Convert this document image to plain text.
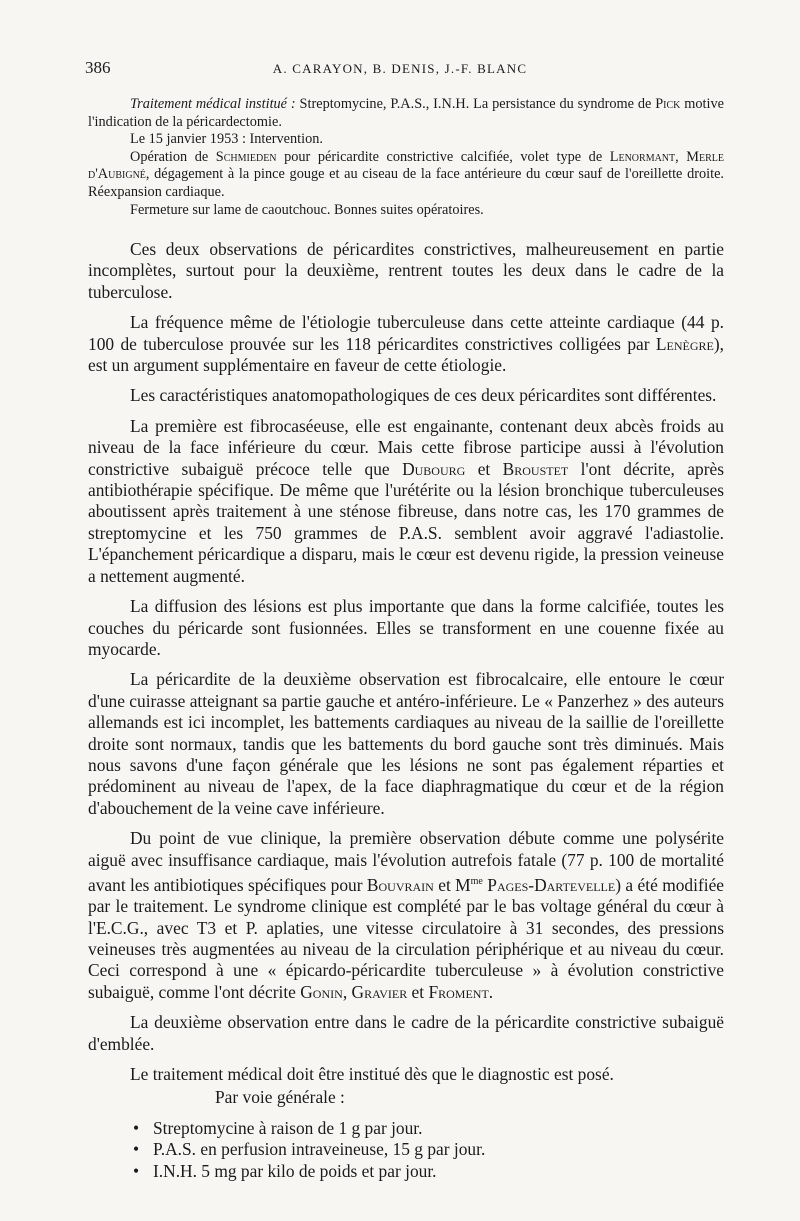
386	A. CARAYON, B. DENIS, J.-F. BLANC

Traitement médical institué : Streptomycine, P.A.S., I.N.H. La persistance du syndrome de Pick motive l'indication de la péricardectomie.

Le 15 janvier 1953 : Intervention.

Opération de Schmieden pour péricardite constrictive calcifiée, volet type de Lenormant, Merle d'Aubigné, dégagement à la pince gouge et au ciseau de la face antérieure du cœur sauf de l'oreillette droite. Réexpansion cardiaque.

Fermeture sur lame de caoutchouc. Bonnes suites opératoires.

Ces deux observations de péricardites constrictives, malheureusement en partie incomplètes, surtout pour la deuxième, rentrent toutes les deux dans le cadre de la tuberculose.

La fréquence même de l'étiologie tuberculeuse dans cette atteinte cardiaque (44 p. 100 de tuberculose prouvée sur les 118 péricardites constrictives colligées par Lenègre), est un argument supplémentaire en faveur de cette étiologie.

Les caractéristiques anatomopathologiques de ces deux péricardites sont différentes.

La première est fibrocaséeuse, elle est engainante, contenant deux abcès froids au niveau de la face inférieure du cœur. Mais cette fibrose participe aussi à l'évolution constrictive subaiguë précoce telle que Dubourg et Broustet l'ont décrite, après antibiothérapie spécifique. De même que l'urétérite ou la lésion bronchique tuberculeuses aboutissent après traitement à une sténose fibreuse, dans notre cas, les 170 grammes de streptomycine et les 750 grammes de P.A.S. semblent avoir aggravé l'adiastolie. L'épanchement péricardique a disparu, mais le cœur est devenu rigide, la pression veineuse a nettement augmenté.

La diffusion des lésions est plus importante que dans la forme calcifiée, toutes les couches du péricarde sont fusionnées. Elles se transforment en une couenne fixée au myocarde.

La péricardite de la deuxième observation est fibrocalcaire, elle entoure le cœur d'une cuirasse atteignant sa partie gauche et antéro-inférieure. Le « Panzerhez » des auteurs allemands est ici incomplet, les battements cardiaques au niveau de la saillie de l'oreillette droite sont normaux, tandis que les battements du bord gauche sont très diminués. Mais nous savons d'une façon générale que les lésions ne sont pas également réparties et prédominent au niveau de l'apex, de la face diaphragmatique du cœur et de la région d'abouchement de la veine cave inférieure.

Du point de vue clinique, la première observation débute comme une polysérite aiguë avec insuffisance cardiaque, mais l'évolution autrefois fatale (77 p. 100 de mortalité avant les antibiotiques spécifiques pour Bouvrain et $M^{me}$ Pages-Dartevelle) a été modifiée par le traitement. Le syndrome clinique est complété par le bas voltage général du cœur à l'E.C.G., avec T3 et P. aplaties, une vitesse circulatoire à 31 secondes, des pressions veineuses très augmentées au niveau de la circulation périphérique et au niveau du cœur. Ceci correspond à une « épicardo-péricardite tuberculeuse » à évolution constrictive subaiguë, comme l'ont décrite Gonin, Gravier et Froment.

La deuxième observation entre dans le cadre de la péricardite constrictive subaiguë d'emblée.

Le traitement médical doit être institué dès que le diagnostic est posé.

Par voie générale :

• Streptomycine à raison de 1 g par jour.
• P.A.S. en perfusion intraveineuse, 15 g par jour.
• I.N.H. 5 mg par kilo de poids et par jour.
